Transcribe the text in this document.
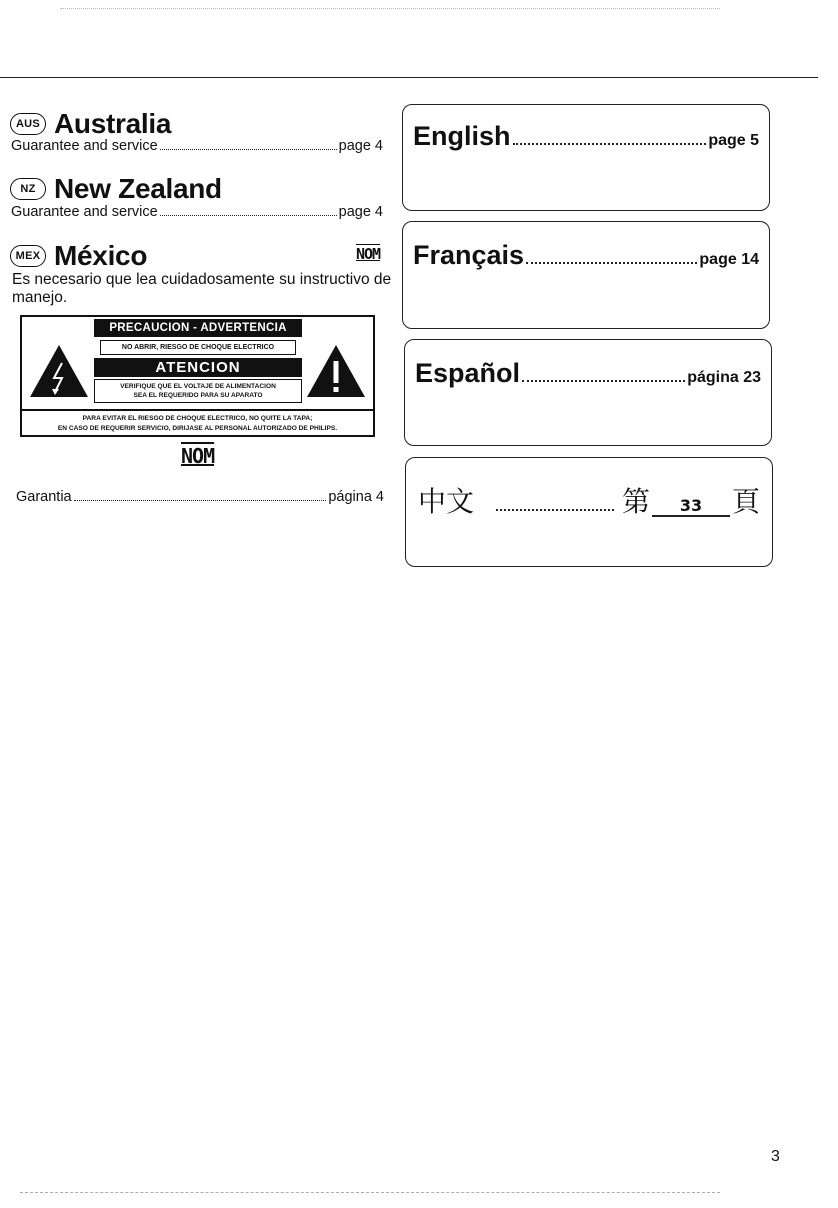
AUS Australia
Guarantee and service	page 4
NZ New Zealand
Guarantee and service	page 4
MEX México	NOM
Es necesario que lea cuidadosamente su instructivo de manejo.
PRECAUCION - ADVERTENCIA
NO ABRIR, RIESGO DE CHOQUE ELECTRICO
ATENCION
VERIFIQUE QUE EL VOLTAJE DE ALIMENTACION
SEA EL REQUERIDO PARA SU APARATO
PARA EVITAR EL RIESGO DE CHOQUE ELECTRICO, NO QUITE LA TAPA;
EN CASO DE REQUERIR SERVICIO, DIRIJASE AL PERSONAL AUTORIZADO DE PHILIPS.
NOM
Garantia	página 4
English	page 5
Français	page 14
Español	página 23
中文	第	33	頁
3
